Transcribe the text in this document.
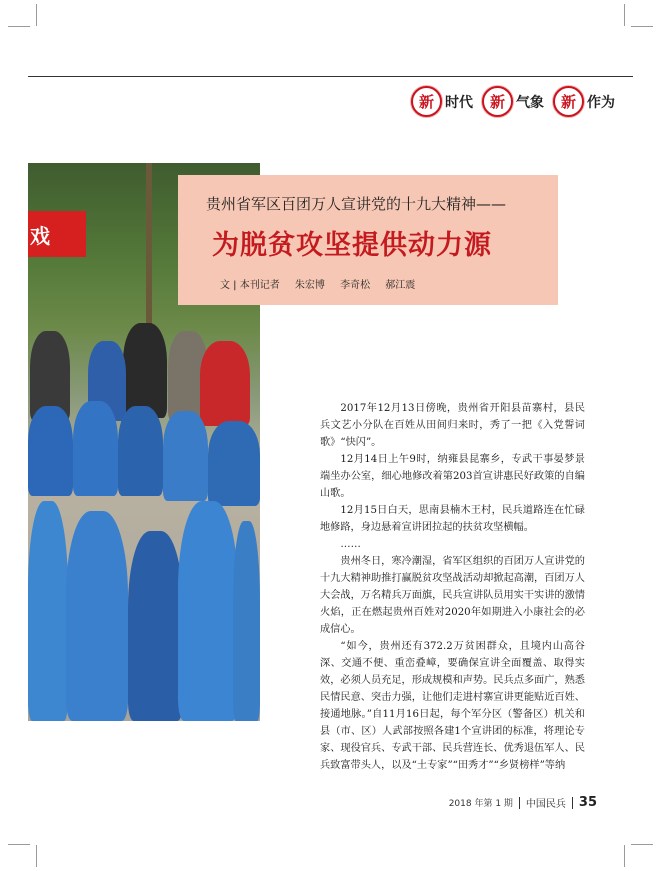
新 时代	新 气象	新 作为
戏
贵州省军区百团万人宣讲党的十九大精神——
为脱贫攻坚提供动力源
文 | 本刊记者 朱宏博 李奇松 郝江震

2017年12月13日傍晚，贵州省开阳县苗寨村，县民兵文艺小分队在百姓从田间归来时，秀了一把《入党誓词歌》“快闪”。

12月14日上午9时，纳雍县昆寨乡，专武干事晏梦景端坐办公室，细心地修改着第203首宣讲惠民好政策的自编山歌。

12月15日白天，思南县楠木王村，民兵道路连在忙碌地修路，身边悬着宣讲团拉起的扶贫攻坚横幅。

……

贵州冬日，寒冷潮湿，省军区组织的百团万人宣讲党的十九大精神助推打赢脱贫攻坚战活动却掀起高潮，百团万人大会战，万名精兵万面旗，民兵宣讲队员用实干实讲的激情火焰，正在燃起贵州百姓对2020年如期进入小康社会的必成信心。

“如今，贵州还有372.2万贫困群众，且境内山高谷深、交通不便、重峦叠嶂，要确保宣讲全面覆盖、取得实效，必须人员充足，形成规模和声势。民兵点多面广，熟悉民情民意、突击力强，让他们走进村寨宣讲更能贴近百姓、接通地脉。”自11月16日起，每个军分区（警备区）机关和县（市、区）人武部按照各建1个宣讲团的标准，将理论专家、现役官兵、专武干部、民兵营连长、优秀退伍军人、民兵致富带头人，以及“土专家”“田秀才”“乡贤榜样”等纳

2018 年第 1 期 中国民兵 35
